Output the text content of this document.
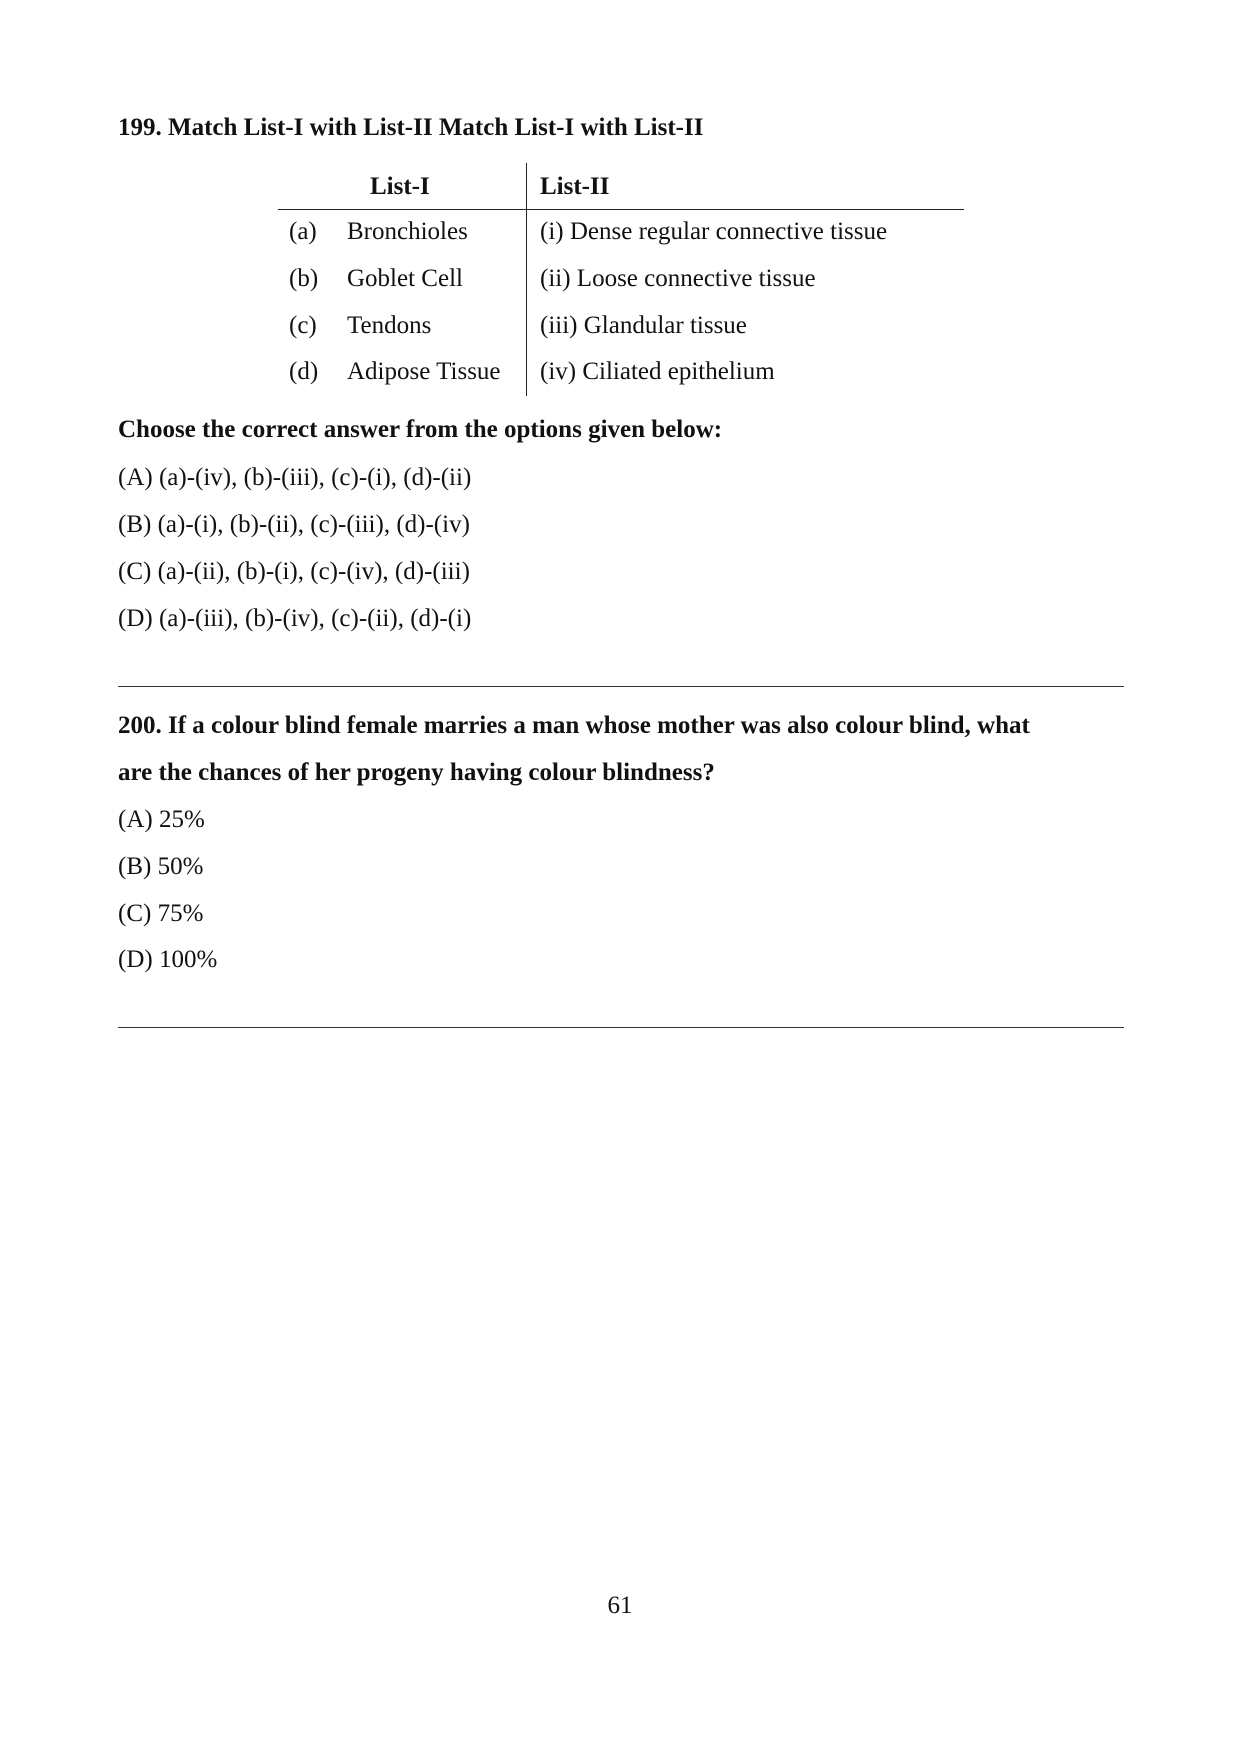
199. Match List-I with List-II Match List-I with List-II
List-I	List-II
(a) Bronchioles	(i) Dense regular connective tissue
(b) Goblet Cell	(ii) Loose connective tissue
(c) Tendons	(iii) Glandular tissue
(d) Adipose Tissue (iv) Ciliated epithelium
Choose the correct answer from the options given below:
(A) (a)-(iv), (b)-(iii), (c)-(i), (d)-(ii)
(B) (a)-(i), (b)-(ii), (c)-(iii), (d)-(iv)
(C) (a)-(ii), (b)-(i), (c)-(iv), (d)-(iii)
(D) (a)-(iii), (b)-(iv), (c)-(ii), (d)-(i)
200. If a colour blind female marries a man whose mother was also colour blind, what
are the chances of her progeny having colour blindness?
(A) 25%
(B) 50%
(C) 75%
(D) 100%
61
